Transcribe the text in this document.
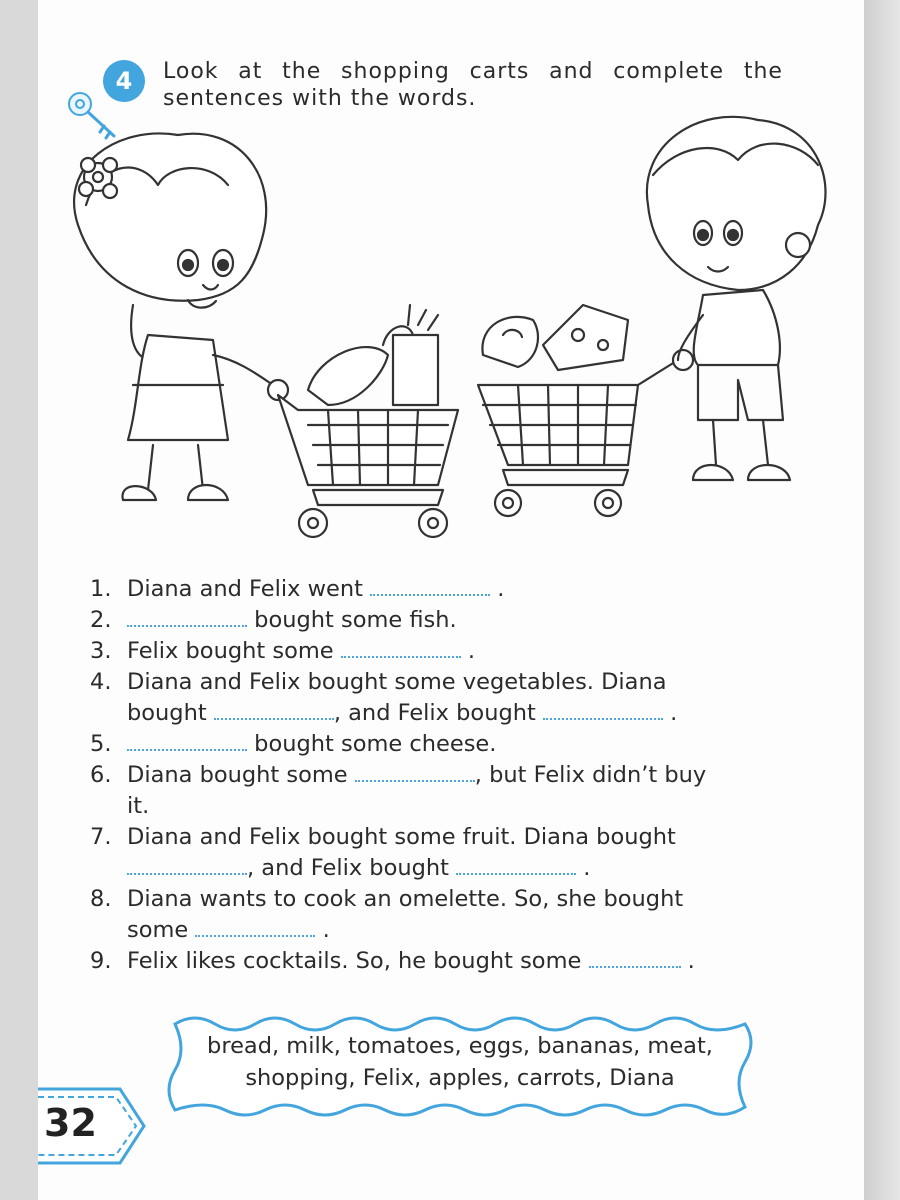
4	Look at the shopping carts and complete the
sentences with the words.
1. Diana and Felix went	.
2.	bought some fish.
3. Felix bought some	.
4. Diana and Felix bought some vegetables. Diana
bought	, and Felix bought	.
5.	bought some cheese.
6. Diana bought some	, but Felix didn’t buy
it.
7. Diana and Felix bought some fruit. Diana bought
, and Felix bought	.
8. Diana wants to cook an omelette. So, she bought
some	.
9. Felix likes cocktails. So, he bought some	.
bread, milk, tomatoes, eggs, bananas, meat,
shopping, Felix, apples, carrots, Diana
32
